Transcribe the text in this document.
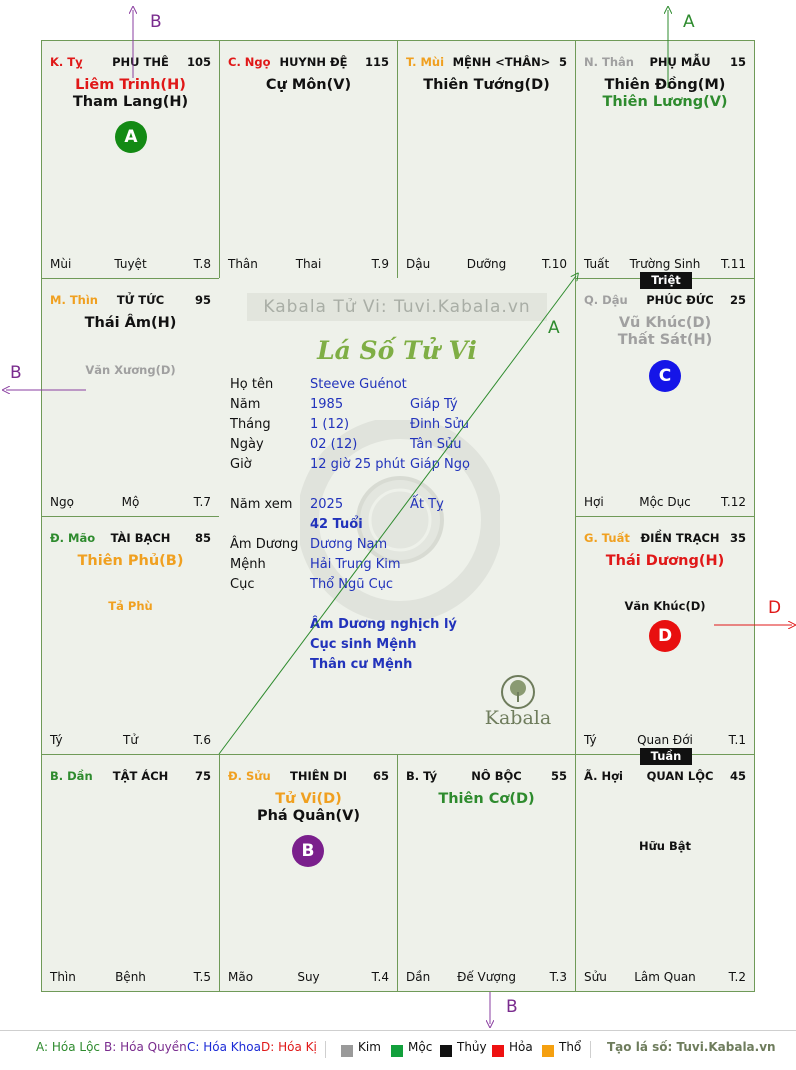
K. Tỵ	PHU THÊ	105
Liêm Trinh(H)
Tham Lang(H)
A
Mùi	Tuyệt	T.8
C. Ngọ HUYNH ĐỆ	115
Cự Môn(V)
Thân	Thai	T.9
T. Mùi MỆNH <THÂN> 5
Thiên Tướng(D)
Dậu	Dưỡng	T.10
N. Thân	PHỤ MẪU	15
Thiên Đồng(M)
Thiên Lương(V)
Tuất	Trường Sinh	T.11
M. Thìn	TỬ TỨC	95
Thái Âm(H)
Văn Xương(D)
Ngọ	Mộ	T.7
Q. Dậu	PHÚC ĐỨC	25
Vũ Khúc(D)
Thất Sát(H)
C
Hợi	Mộc Dục	T.12
Đ. Mão	TÀI BẠCH	85
Thiên Phủ(B)
Tả Phù
Tý	Tử	T.6
G. Tuất ĐIỀN TRẠCH 35
Thái Dương(H)
Văn Khúc(D)
D
Tý	Quan Đới	T.1
B. Dần	TẬT ÁCH	75
Thìn	Bệnh	T.5
Đ. Sửu	THIÊN DI	65
Tử Vi(D)
Phá Quân(V)
B
Mão	Suy	T.4
B. Tý	NÔ BỘC	55
Thiên Cơ(D)
Dần	Đế Vượng	T.3
Ã. Hợi	QUAN LỘC	45
Hữu Bật
Sửu	Lâm Quan	T.2
Kabala Tử Vi: Tuvi.Kabala.vn
Lá Số Tử Vi
Họ tên	Steeve Guénot
Năm	1985	Giáp Tý
Tháng	1 (12)	Đinh Sửu
Ngày	02 (12)	Tân Sửu
Giờ	12 giờ 25 phút Giáp Ngọ
Năm xem 2025	Ất Tỵ
42 Tuổi
Âm Dương Dương Nam
Mệnh	Hải Trung Kim
Cục	Thổ Ngũ Cục
Âm Dương nghịch lý
Cục sinh Mệnh
Thân cư Mệnh
Kabala
Triệt
Tuần
B	A
B
D
B
A
A: Hóa Lộc B: Hóa Quyền C: Hóa Khoa D: Hóa Kị	Kim Mộc Thủy Hỏa Thổ Tạo lá số: Tuvi.Kabala.vn
